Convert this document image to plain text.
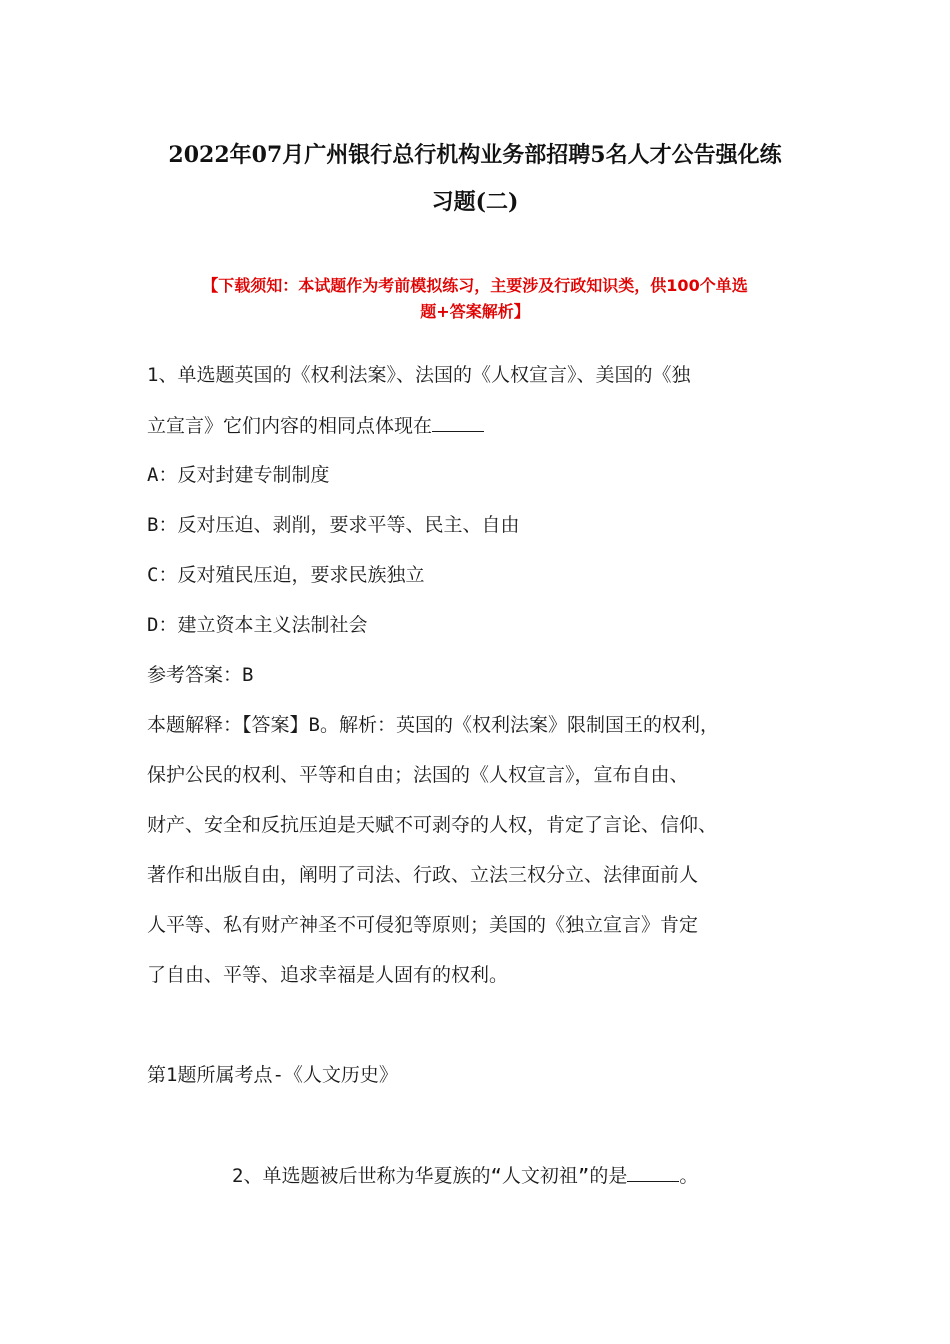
2022年07月广州银行总行机构业务部招聘5名人才公告强化练
习题(二)
【下载须知：本试题作为考前模拟练习，主要涉及行政知识类，供100个单选
题+答案解析】
1、单选题英国的《权利法案》、法国的《人权宣言》、美国的《独
立宣言》它们内容的相同点体现在
A：反对封建专制制度
B：反对压迫、剥削，要求平等、民主、自由
C：反对殖民压迫，要求民族独立
D：建立资本主义法制社会
参考答案：B
本题解释：【答案】B。解析：英国的《权利法案》限制国王的权利，
保护公民的权利、平等和自由；法国的《人权宣言》，宣布自由、
财产、安全和反抗压迫是天赋不可剥夺的人权，肯定了言论、信仰、
著作和出版自由，阐明了司法、行政、立法三权分立、法律面前人
人平等、私有财产神圣不可侵犯等原则；美国的《独立宣言》肯定
了自由、平等、追求幸福是人固有的权利。
第1题所属考点-《人文历史》
2、单选题被后世称为华夏族的“人文初祖”的是	。
